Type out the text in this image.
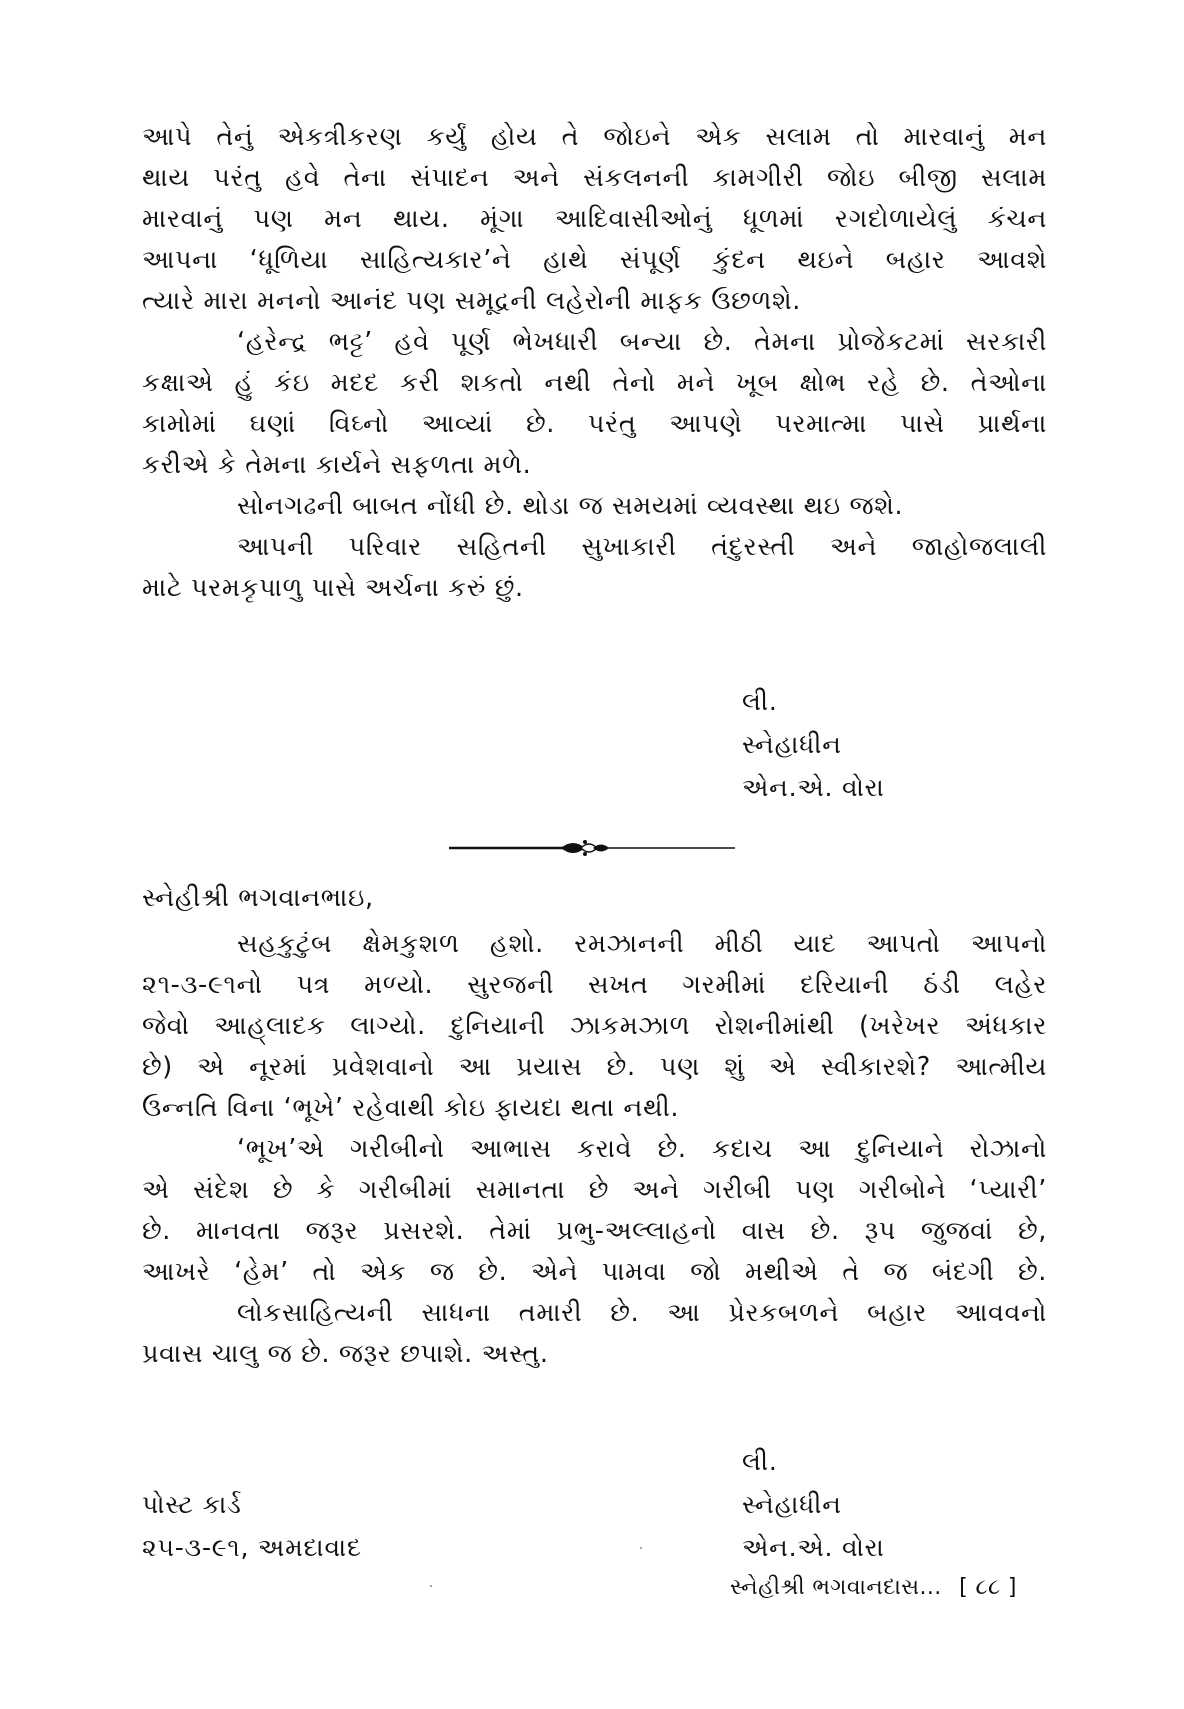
આપે તેનું એકત્રીકરણ કર્યું હોય તે જોઇને એક સલામ તો મારવાનું મન
થાય પરંતુ હવે તેના સંપાદન અને સંકલનની કામગીરી જોઇ બીજી સલામ
મારવાનું પણ મન થાય. મૂંગા આદિવાસીઓનું ધૂળમાં રગદોળાયેલું કંચન
આપના ‘ધૂળિયા સાહિત્યકાર’ને હાથે સંપૂર્ણ કુંદન થઇને બહાર આવશે
ત્યારે મારા મનનો આનંદ પણ સમૂદ્રની લહેરોની માફક ઉછળશે.
‘હરેન્દ્ર ભટ્ટ’ હવે પૂર્ણ ભેખધારી બન્યા છે. તેમના પ્રોજેકટમાં સરકારી
કક્ષાએ હું કંઇ મદદ કરી શકતો નથી તેનો મને ખૂબ ક્ષોભ રહે છે. તેઓના
કામોમાં ઘણાં વિઘ્નો આવ્યાં છે. પરંતુ આપણે પરમાત્મા પાસે પ્રાર્થના
કરીએ કે તેમના કાર્યને સફળતા મળે.
સોનગઢની બાબત નોંધી છે. થોડા જ સમયમાં વ્યવસ્થા થઇ જશે.
આપની પરિવાર સહિતની સુખાકારી તંદુરસ્તી અને જાહોજલાલી
માટે પરમકૃપાળુ પાસે અર્ચના કરું છું.
લી.
સ્નેહાધીન
એન.એ. વોરા
સ્નેહીશ્રી ભગવાનભાઇ,
સહકુટુંબ ક્ષેમકુશળ હશો. રમઝાનની મીઠી યાદ આપતો આપનો
૨૧-૩-૯૧નો પત્ર મળ્યો. સુરજની સખત ગરમીમાં દરિયાની ઠંડી લહેર
જેવો આહ્‌લાદક લાગ્યો. દુનિયાની ઝાકમઝાળ રોશનીમાંથી (ખરેખર અંધકાર
છે) એ નૂરમાં પ્રવેશવાનો આ પ્રયાસ છે. પણ શું એ સ્વીકારશે? આત્મીય
ઉન્નતિ વિના ‘ભૂખે’ રહેવાથી કોઇ ફાયદા થતા નથી.
‘ભૂખ’એ ગરીબીનો આભાસ કરાવે છે. કદાચ આ દુનિયાને રોઝાનો
એ સંદેશ છે કે ગરીબીમાં સમાનતા છે અને ગરીબી પણ ગરીબોને ‘પ્યારી’
છે. માનવતા જરૂર પ્રસરશે. તેમાં પ્રભુ-અલ્લાહનો વાસ છે. રૂપ જુજવાં છે,
આખરે ‘હેમ’ તો એક જ છે. એને પામવા જો મથીએ તે જ બંદગી છે.
લોકસાહિત્યની સાધના તમારી છે. આ પ્રેરકબળને બહાર આવવનો
પ્રવાસ ચાલુ જ છે. જરૂર છપાશે. અસ્તુ.
લી.
સ્નેહાધીન
એન.એ. વોરા
પોસ્ટ કાર્ડ
૨૫-૩-૯૧, અમદાવાદ
સ્નેહીશ્રી ભગવાનદાસ... [ ૮૮ ]
